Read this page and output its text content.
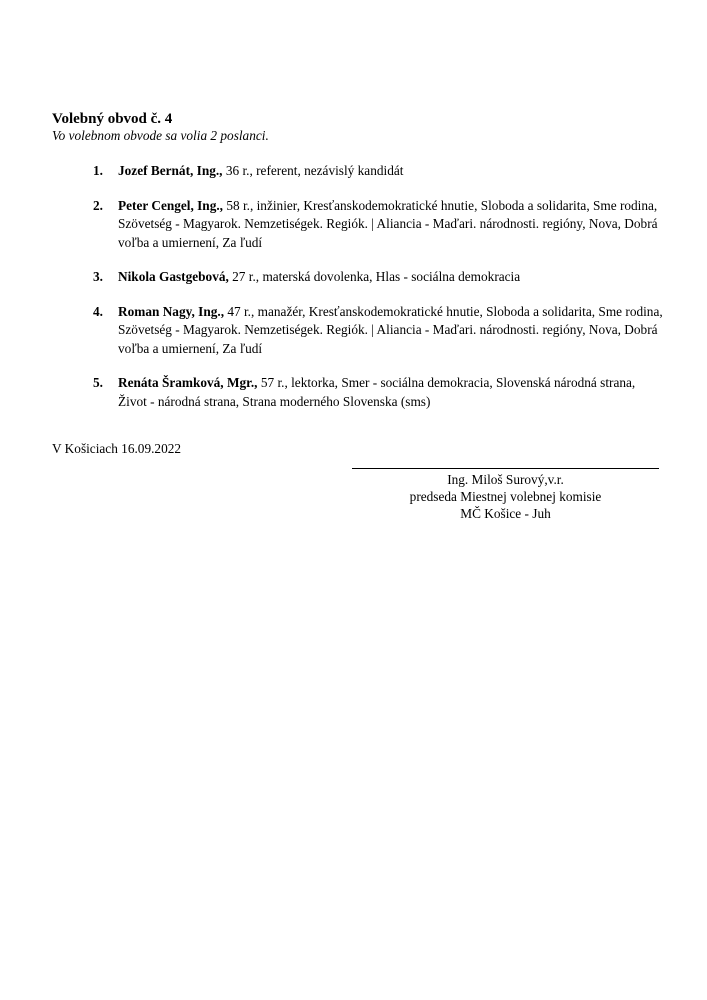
Volebný obvod č. 4
Vo volebnom obvode sa volia 2 poslanci.
1. Jozef Bernát, Ing., 36 r., referent, nezávislý kandidát
2. Peter Cengel, Ing., 58 r., inžinier, Kresťanskodemokratické hnutie, Sloboda a solidarita, Sme rodina, Szövetség - Magyarok. Nemzetiségek. Regiók. | Aliancia - Maďari. národnosti. regióny, Nova, Dobrá voľba a umiernení, Za ľudí
3. Nikola Gastgebová, 27 r., materská dovolenka, Hlas - sociálna demokracia
4. Roman Nagy, Ing., 47 r., manažér, Kresťanskodemokratické hnutie, Sloboda a solidarita, Sme rodina, Szövetség - Magyarok. Nemzetiségek. Regiók. | Aliancia - Maďari. národnosti. regióny, Nova, Dobrá voľba a umiernení, Za ľudí
5. Renáta Šramková, Mgr., 57 r., lektorka, Smer - sociálna demokracia, Slovenská národná strana, Život - národná strana, Strana moderného Slovenska (sms)
V Košiciach 16.09.2022
Ing. Miloš Surový,v.r.
predseda Miestnej volebnej komisie
MČ Košice - Juh
